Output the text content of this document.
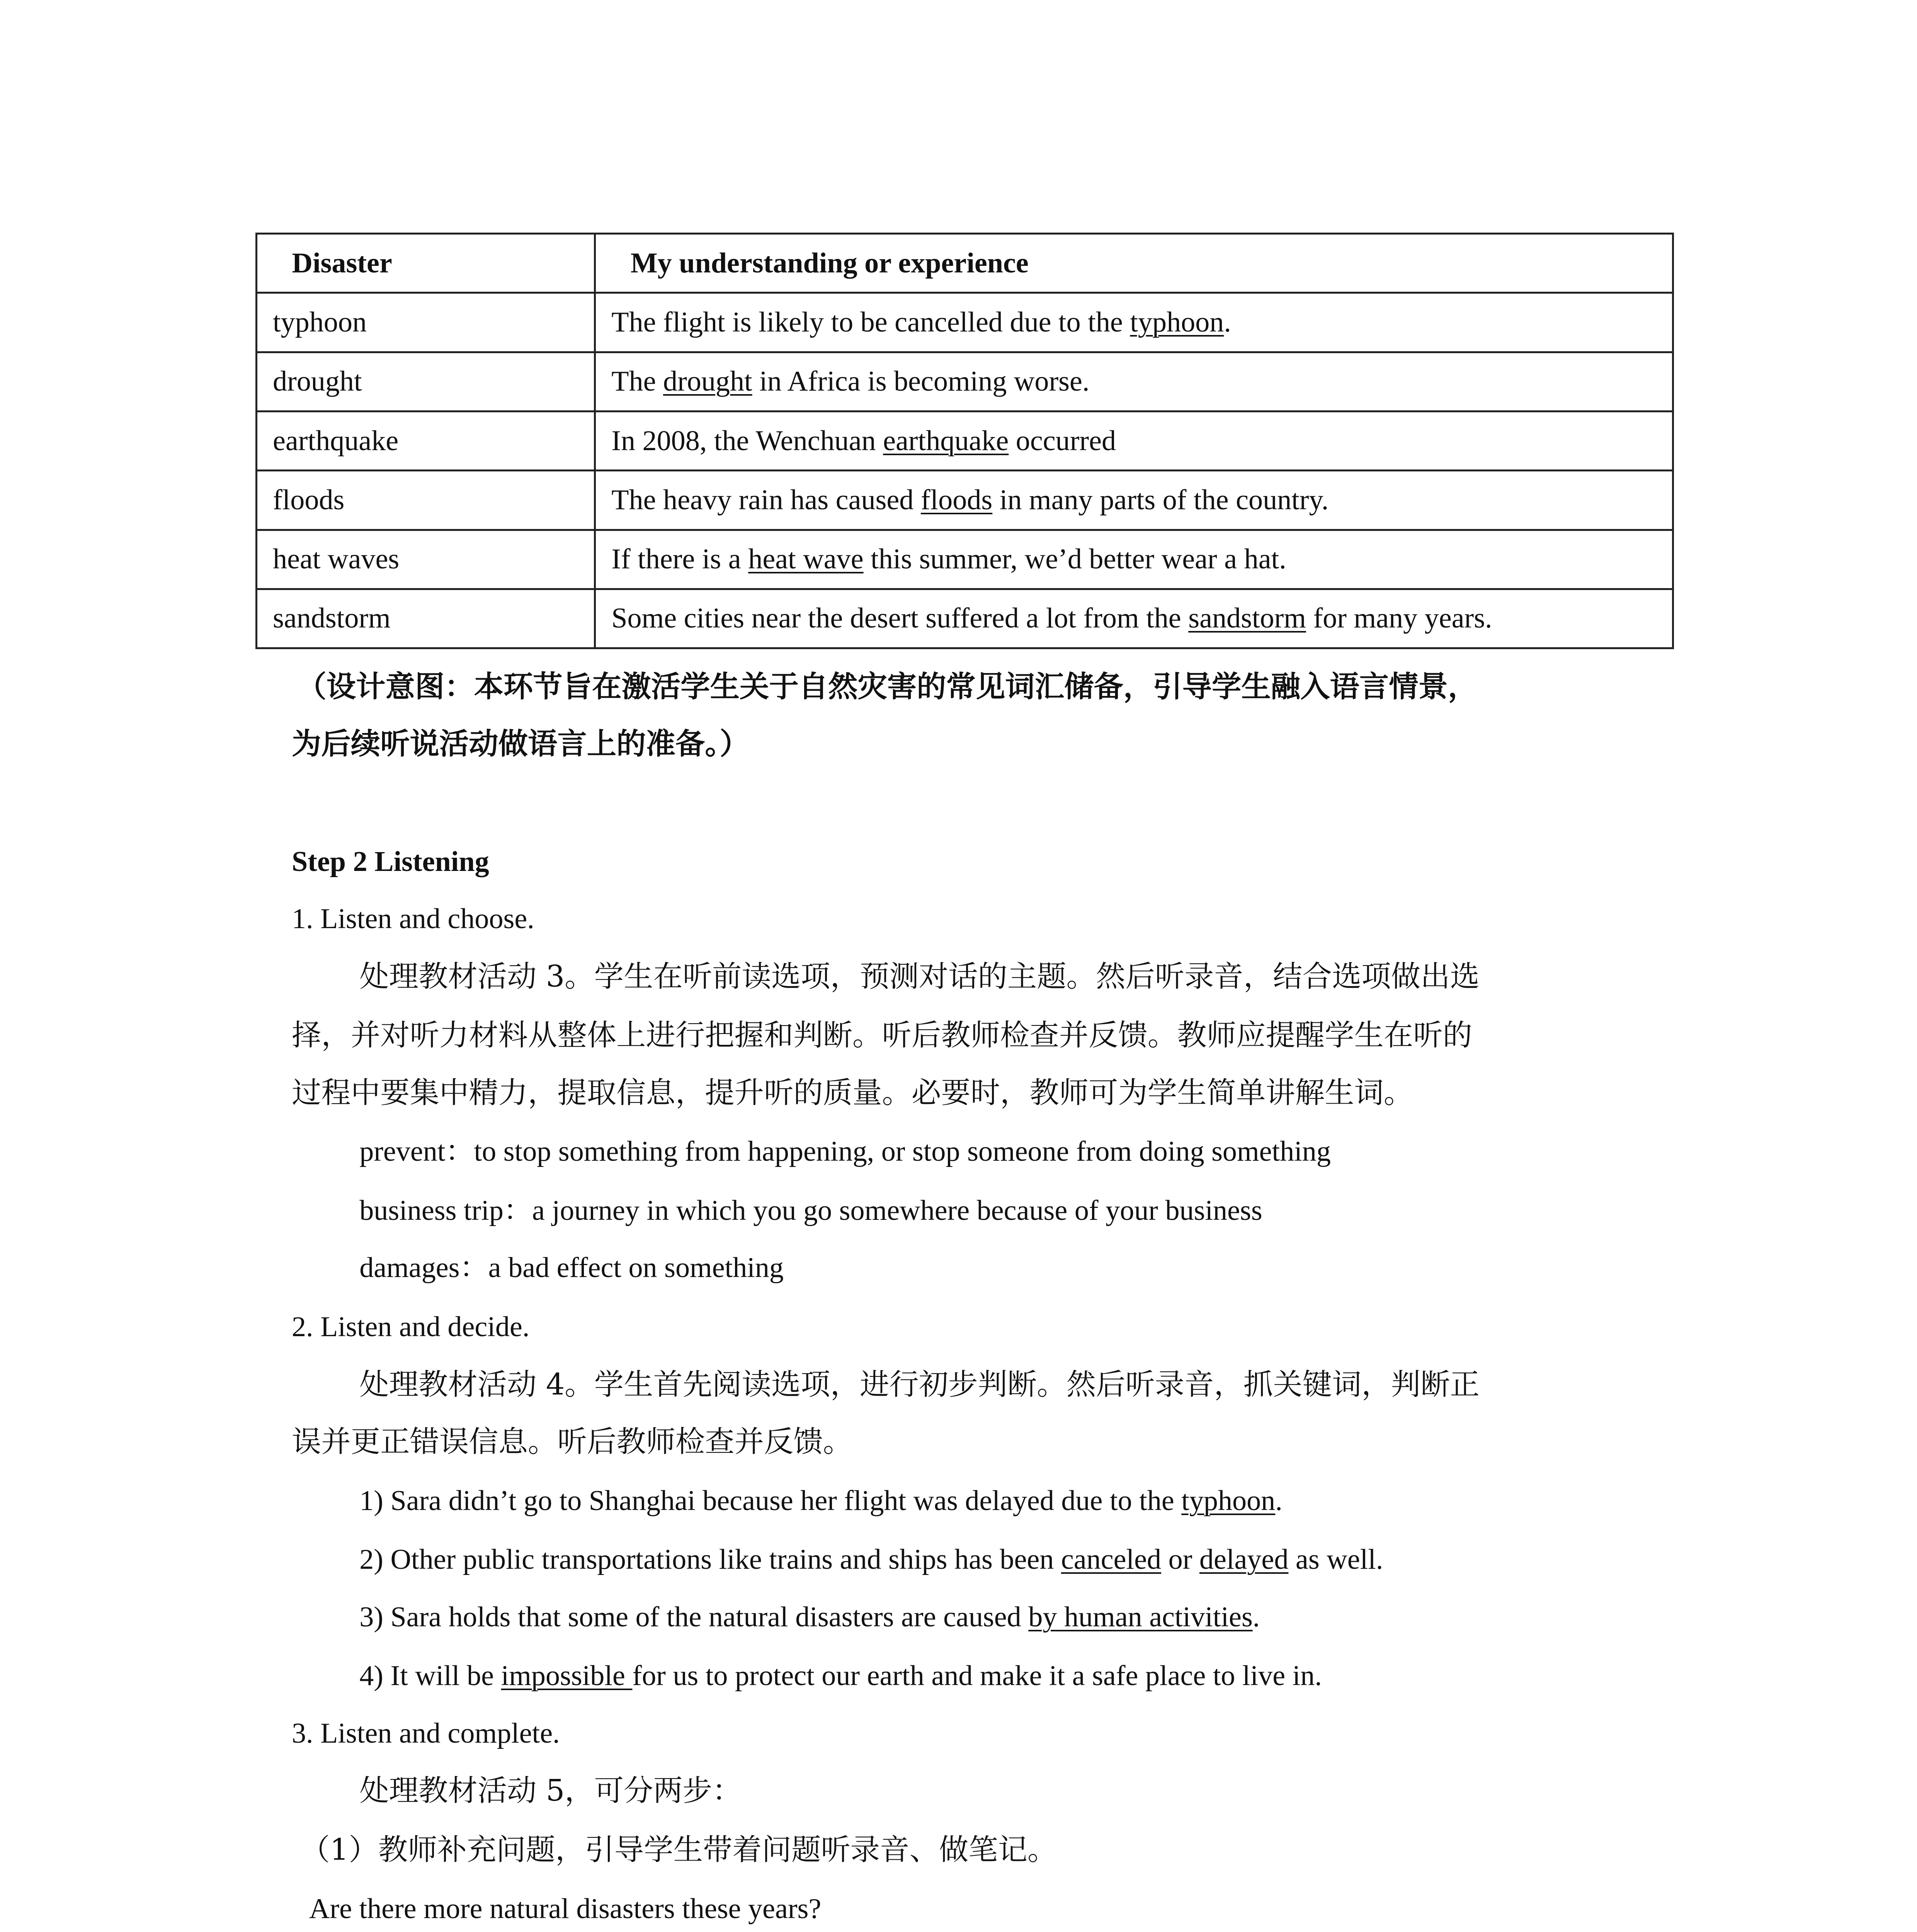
Disaster	My understanding or experience
typhoon	The flight is likely to be cancelled due to the typhoon.
drought	The drought in Africa is becoming worse.
earthquake	In 2008, the Wenchuan earthquake occurred
floods	The heavy rain has caused floods in many parts of the country.
heat waves	If there is a heat wave this summer, we’d better wear a hat.
sandstorm	Some cities near the desert suffered a lot from the sandstorm for many years.
（设计意图：本环节旨在激活学生关于自然灾害的常见词汇储备，引导学生融入语言情景，
为后续听说活动做语言上的准备。）
Step 2 Listening
1. Listen and choose.
处理教材活动 3。学生在听前读选项，预测对话的主题。然后听录音，结合选项做出选
择，并对听力材料从整体上进行把握和判断。听后教师检查并反馈。教师应提醒学生在听的
过程中要集中精力，提取信息，提升听的质量。必要时，教师可为学生简单讲解生词。
prevent：to stop something from happening, or stop someone from doing something
business trip：a journey in which you go somewhere because of your business
damages：a bad effect on something
2. Listen and decide.
处理教材活动 4。学生首先阅读选项，进行初步判断。然后听录音，抓关键词，判断正
误并更正错误信息。听后教师检查并反馈。
1) Sara didn’t go to Shanghai because her flight was delayed due to the typhoon.
2) Other public transportations like trains and ships has been canceled or delayed as well.
3) Sara holds that some of the natural disasters are caused by human activities.
4) It will be impossible for us to protect our earth and make it a safe place to live in.
3. Listen and complete.
处理教材活动 5，可分两步：
（1）教师补充问题，引导学生带着问题听录音、做笔记。
Are there more natural disasters these years?
